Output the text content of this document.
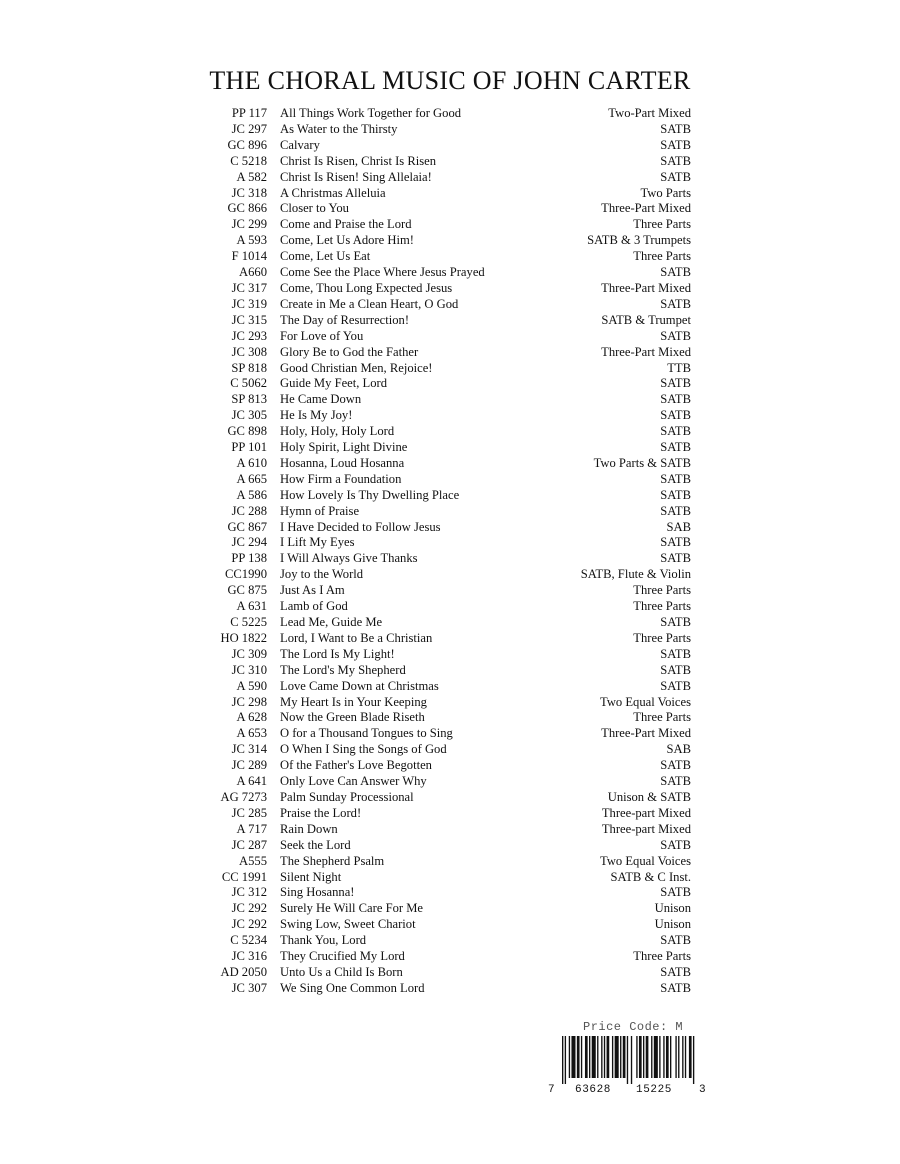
THE CHORAL MUSIC OF JOHN CARTER
PP 117 All Things Work Together for Good	Two-Part Mixed
JC 297 As Water to the Thirsty	SATB
GC 896 Calvary	SATB
C 5218 Christ Is Risen, Christ Is Risen	SATB
A 582 Christ Is Risen! Sing Allelaia!	SATB
JC 318 A Christmas Alleluia	Two Parts
GC 866 Closer to You	Three-Part Mixed
JC 299 Come and Praise the Lord	Three Parts
A 593 Come, Let Us Adore Him!	SATB & 3 Trumpets
F 1014 Come, Let Us Eat	Three Parts
A660 Come See the Place Where Jesus Prayed	SATB
JC 317 Come, Thou Long Expected Jesus	Three-Part Mixed
JC 319 Create in Me a Clean Heart, O God	SATB
JC 315 The Day of Resurrection!	SATB & Trumpet
JC 293 For Love of You	SATB
JC 308 Glory Be to God the Father	Three-Part Mixed
SP 818 Good Christian Men, Rejoice!	TTB
C 5062 Guide My Feet, Lord	SATB
SP 813 He Came Down	SATB
JC 305 He Is My Joy!	SATB
GC 898 Holy, Holy, Holy Lord	SATB
PP 101 Holy Spirit, Light Divine	SATB
A 610 Hosanna, Loud Hosanna	Two Parts & SATB
A 665 How Firm a Foundation	SATB
A 586 How Lovely Is Thy Dwelling Place	SATB
JC 288 Hymn of Praise	SATB
GC 867 I Have Decided to Follow Jesus	SAB
JC 294 I Lift My Eyes	SATB
PP 138 I Will Always Give Thanks	SATB
CC1990 Joy to the World	SATB, Flute & Violin
GC 875 Just As I Am	Three Parts
A 631 Lamb of God	Three Parts
C 5225 Lead Me, Guide Me	SATB
HO 1822 Lord, I Want to Be a Christian	Three Parts
JC 309 The Lord Is My Light!	SATB
JC 310 The Lord's My Shepherd	SATB
A 590 Love Came Down at Christmas	SATB
JC 298 My Heart Is in Your Keeping	Two Equal Voices
A 628 Now the Green Blade Riseth	Three Parts
A 653 O for a Thousand Tongues to Sing	Three-Part Mixed
JC 314 O When I Sing the Songs of God	SAB
JC 289 Of the Father's Love Begotten	SATB
A 641 Only Love Can Answer Why	SATB
AG 7273 Palm Sunday Processional	Unison & SATB
JC 285 Praise the Lord!	Three-part Mixed
A 717 Rain Down	Three-part Mixed
JC 287 Seek the Lord	SATB
A555 The Shepherd Psalm	Two Equal Voices
CC 1991 Silent Night	SATB & C Inst.
JC 312 Sing Hosanna!	SATB
JC 292 Surely He Will Care For Me	Unison
JC 292 Swing Low, Sweet Chariot	Unison
C 5234 Thank You, Lord	SATB
JC 316 They Crucified My Lord	Three Parts
AD 2050 Unto Us a Child Is Born	SATB
JC 307 We Sing One Common Lord	SATB
Price Code: M
7 63628 15225 3
